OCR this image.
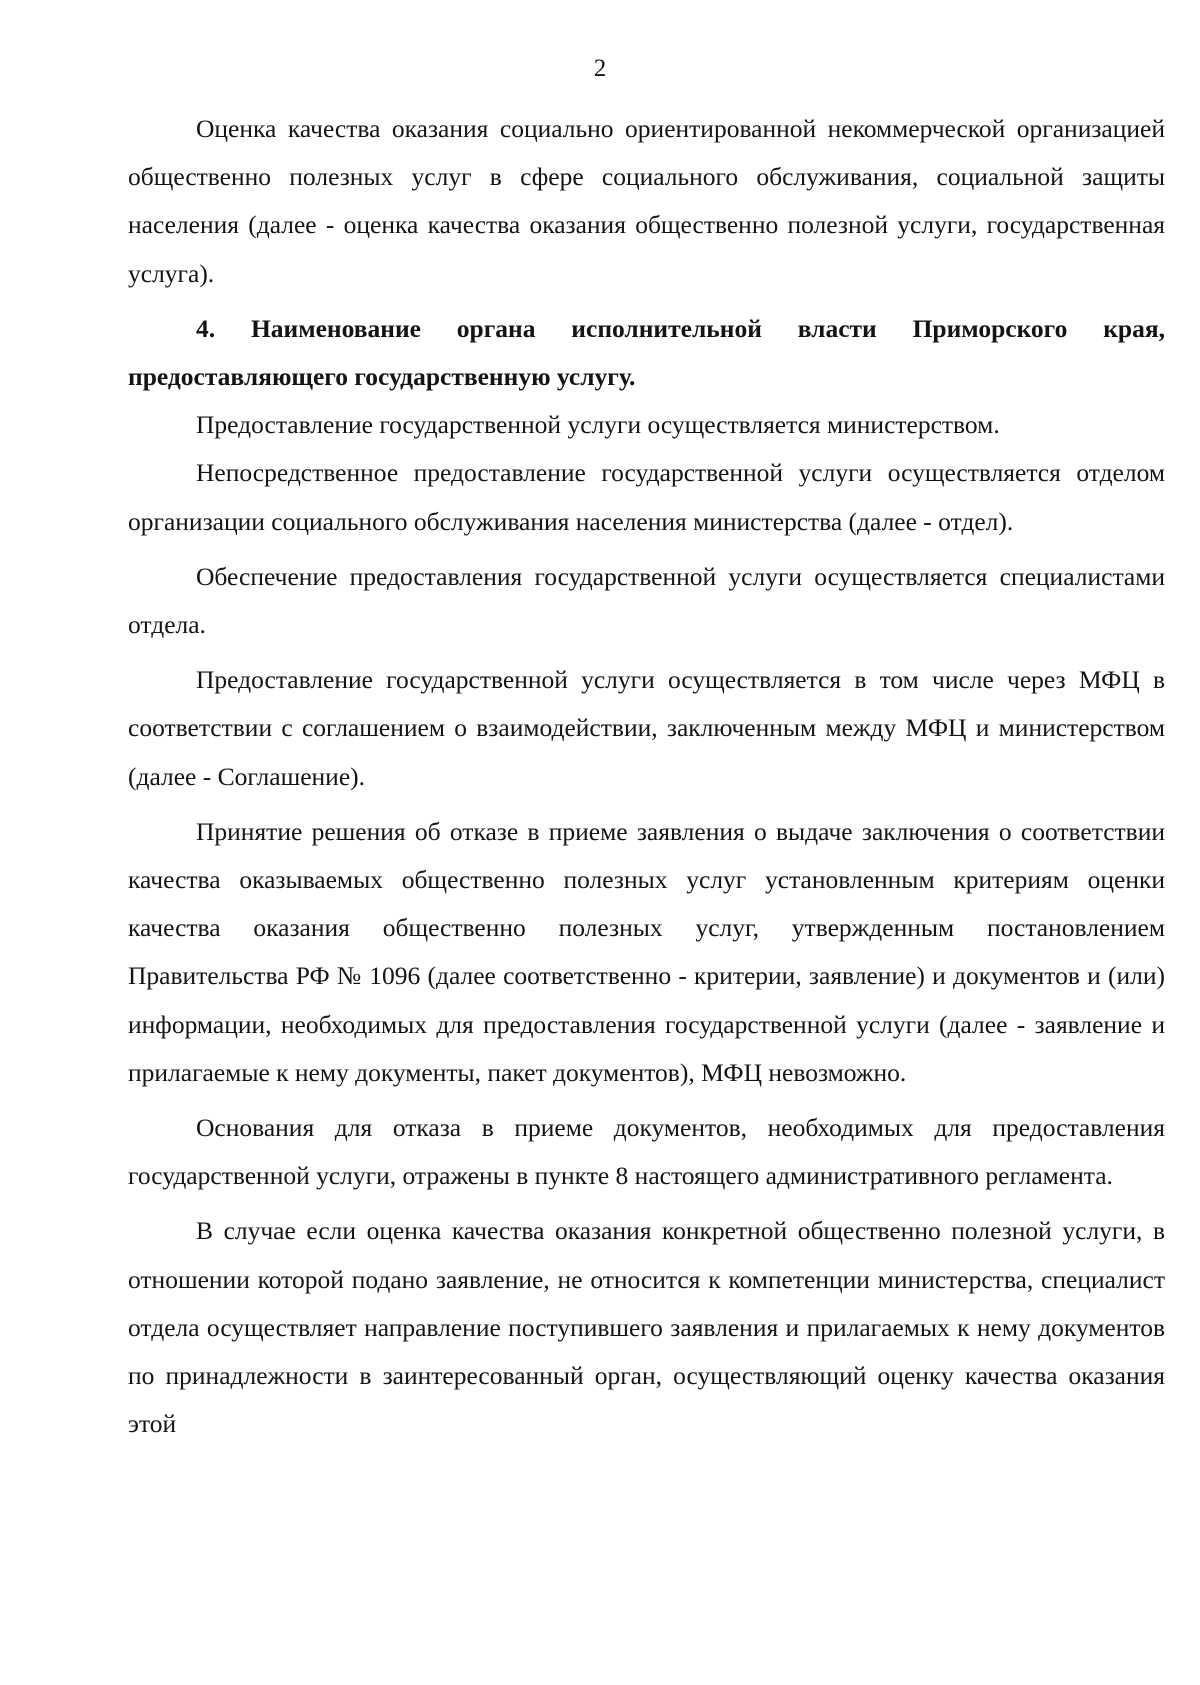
2

Оценка качества оказания социально ориентированной некоммерческой организацией общественно полезных услуг в сфере социального обслуживания, социальной защиты населения (далее - оценка качества оказания общественно полезной услуги, государственная услуга).

4. Наименование органа исполнительной власти Приморского края, предоставляющего государственную услугу.

Предоставление государственной услуги осуществляется министерством.

Непосредственное предоставление государственной услуги осуществляется отделом организации социального обслуживания населения министерства (далее - отдел).

Обеспечение предоставления государственной услуги осуществляется специалистами отдела.

Предоставление государственной услуги осуществляется в том числе через МФЦ в соответствии с соглашением о взаимодействии, заключенным между МФЦ и министерством (далее - Соглашение).

Принятие решения об отказе в приеме заявления о выдаче заключения о соответствии качества оказываемых общественно полезных услуг установленным критериям оценки качества оказания общественно полезных услуг, утвержденным постановлением Правительства РФ № 1096 (далее соответственно - критерии, заявление) и документов и (или) информации, необходимых для предоставления государственной услуги (далее - заявление и прилагаемые к нему документы, пакет документов), МФЦ невозможно.

Основания для отказа в приеме документов, необходимых для предоставления государственной услуги, отражены в пункте 8 настоящего административного регламента.

В случае если оценка качества оказания конкретной общественно полезной услуги, в отношении которой подано заявление, не относится к компетенции министерства, специалист отдела осуществляет направление поступившего заявления и прилагаемых к нему документов по принадлежности в заинтересованный орган, осуществляющий оценку качества оказания этой
